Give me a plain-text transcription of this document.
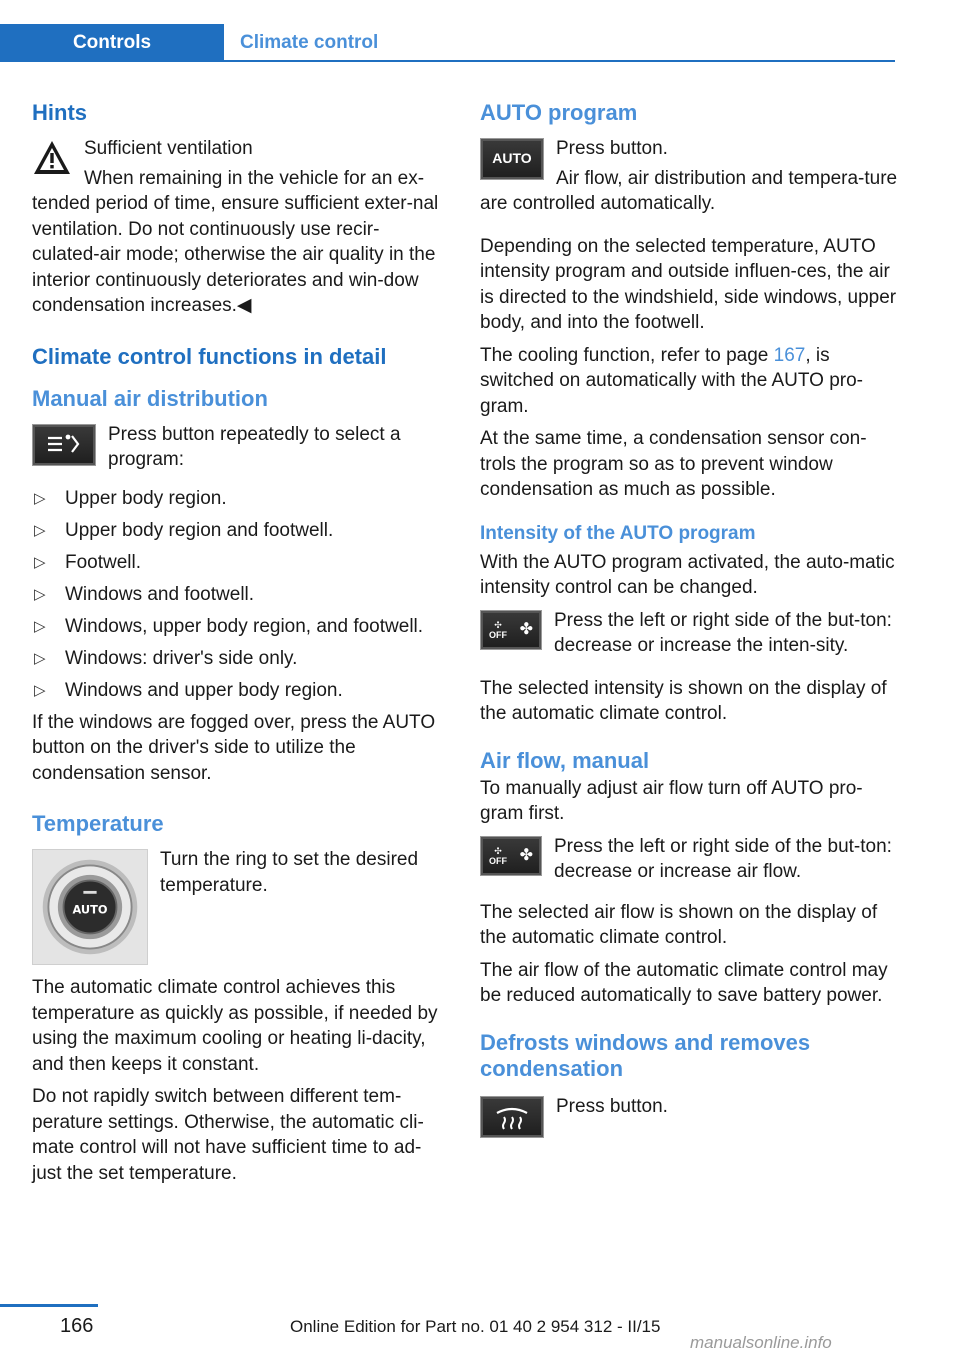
Controls	Climate control
Hints

Sufficient ventilation

When remaining in the vehicle for an ex-tended period of time, ensure sufficient exter-nal ventilation. Do not continuously use recir-culated-air mode; otherwise the air quality in the interior continuously deteriorates and win-dow condensation increases.◀

Climate control functions in detail
Manual air distribution

Press button repeatedly to select a program:

▷ Upper body region.
▷ Upper body region and footwell.
▷ Footwell.
▷ Windows and footwell.
▷ Windows, upper body region, and footwell.
▷ Windows: driver's side only.
▷ Windows and upper body region.

If the windows are fogged over, press the AUTO button on the driver's side to utilize the condensation sensor.

Temperature
AUTO

Turn the ring to set the desired temperature.

The automatic climate control achieves this temperature as quickly as possible, if needed by using the maximum cooling or heating li-dacity, and then keeps it constant.

Do not rapidly switch between different tem-perature settings. Otherwise, the automatic cli-mate control will not have sufficient time to ad-just the set temperature.

AUTO program
AUTO	Press button.

Air flow, air distribution and tempera-ture are controlled automatically.

Depending on the selected temperature, AUTO intensity program and outside influen-ces, the air is directed to the windshield, side windows, upper body, and into the footwell.

The cooling function, refer to page 167, is switched on automatically with the AUTO pro-gram.

At the same time, a condensation sensor con-trols the program so as to prevent window condensation as much as possible.

Intensity of the AUTO program

With the AUTO program activated, the auto-matic intensity control can be changed.

✣
OFF ✤	Press the left or right side of the but-ton: decrease or increase the inten-sity.

The selected intensity is shown on the display of the automatic climate control.

Air flow, manual

To manually adjust air flow turn off AUTO pro-gram first.

✣
OFF ✤	Press the left or right side of the but-ton: decrease or increase air flow.

The selected air flow is shown on the display of the automatic climate control.

The air flow of the automatic climate control may be reduced automatically to save battery power.

Defrosts windows and removes condensation

Press button.

166	Online Edition for Part no. 01 40 2 954 312 - II/15
manualsonline.info
